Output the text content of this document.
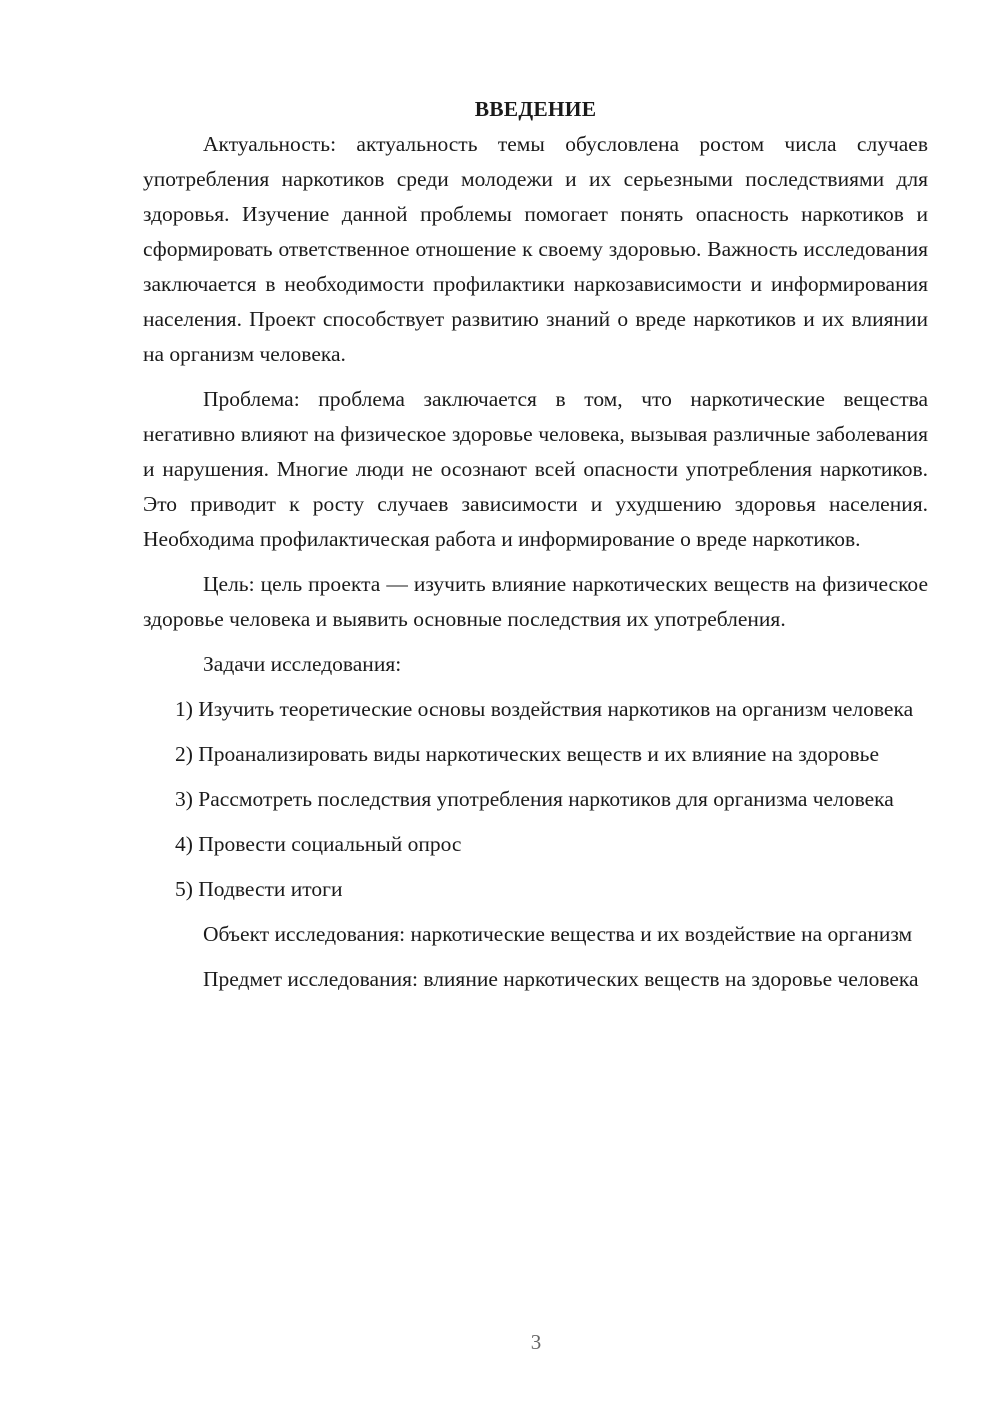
ВВЕДЕНИЕ

Актуальность: актуальность темы обусловлена ростом числа случаев употребления наркотиков среди молодежи и их серьезными последствиями для здоровья. Изучение данной проблемы помогает понять опасность наркотиков и сформировать ответственное отношение к своему здоровью. Важность исследования заключается в необходимости профилактики наркозависимости и информирования населения. Проект способствует развитию знаний о вреде наркотиков и их влиянии на организм человека.

Проблема: проблема заключается в том, что наркотические вещества негативно влияют на физическое здоровье человека, вызывая различные заболевания и нарушения. Многие люди не осознают всей опасности употребления наркотиков. Это приводит к росту случаев зависимости и ухудшению здоровья населения. Необходима профилактическая работа и информирование о вреде наркотиков.

Цель: цель проекта — изучить влияние наркотических веществ на физическое здоровье человека и выявить основные последствия их употребления.

Задачи исследования:

1) Изучить теоретические основы воздействия наркотиков на организм человека

2) Проанализировать виды наркотических веществ и их влияние на здоровье

3) Рассмотреть последствия употребления наркотиков для организма человека

4) Провести социальный опрос

5) Подвести итоги

Объект исследования: наркотические вещества и их воздействие на организм

Предмет исследования: влияние наркотических веществ на здоровье человека

3
